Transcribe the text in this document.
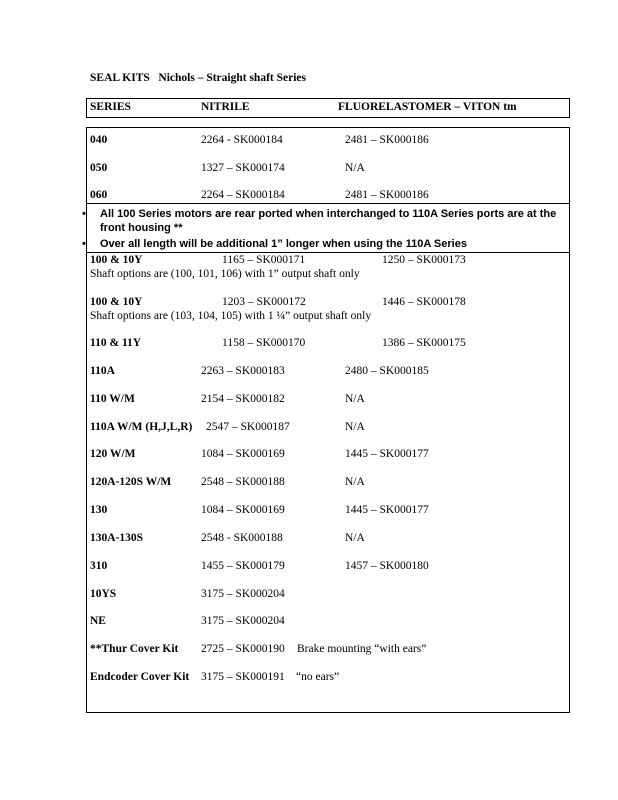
SEAL KITS Nichols – Straight shaft Series
SERIES	NITRILE	FLUORELASTOMER – VITON tm
040	2264 - SK000184	2481 – SK000186
050	1327 – SK000174	N/A
060	2264 – SK000184	2481 – SK000186
• All 100 Series motors are rear ported when interchanged to 110A Series ports are at the front housing **
• Over all length will be additional 1” longer when using the 110A Series
100 & 10Y	1165 – SK000171	1250 – SK000173
Shaft options are (100, 101, 106) with 1” output shaft only
100 & 10Y	1203 – SK000172	1446 – SK000178
Shaft options are (103, 104, 105) with 1 ¼” output shaft only
110 & 11Y	1158 – SK000170	1386 – SK000175
110A	2263 – SK000183	2480 – SK000185
110 W/M	2154 – SK000182	N/A
110A W/M (H,J,L,R) 2547 – SK000187	N/A
120 W/M	1084 – SK000169	1445 – SK000177
120A-120S W/M	2548 – SK000188	N/A
130	1084 – SK000169	1445 – SK000177
130A-130S	2548 - SK000188	N/A
310	1455 – SK000179	1457 – SK000180
10YS	3175 – SK000204
NE	3175 – SK000204
**Thur Cover Kit 2725 – SK000190 Brake mounting “with ears”
Endcoder Cover Kit 3175 – SK000191 “no ears”
